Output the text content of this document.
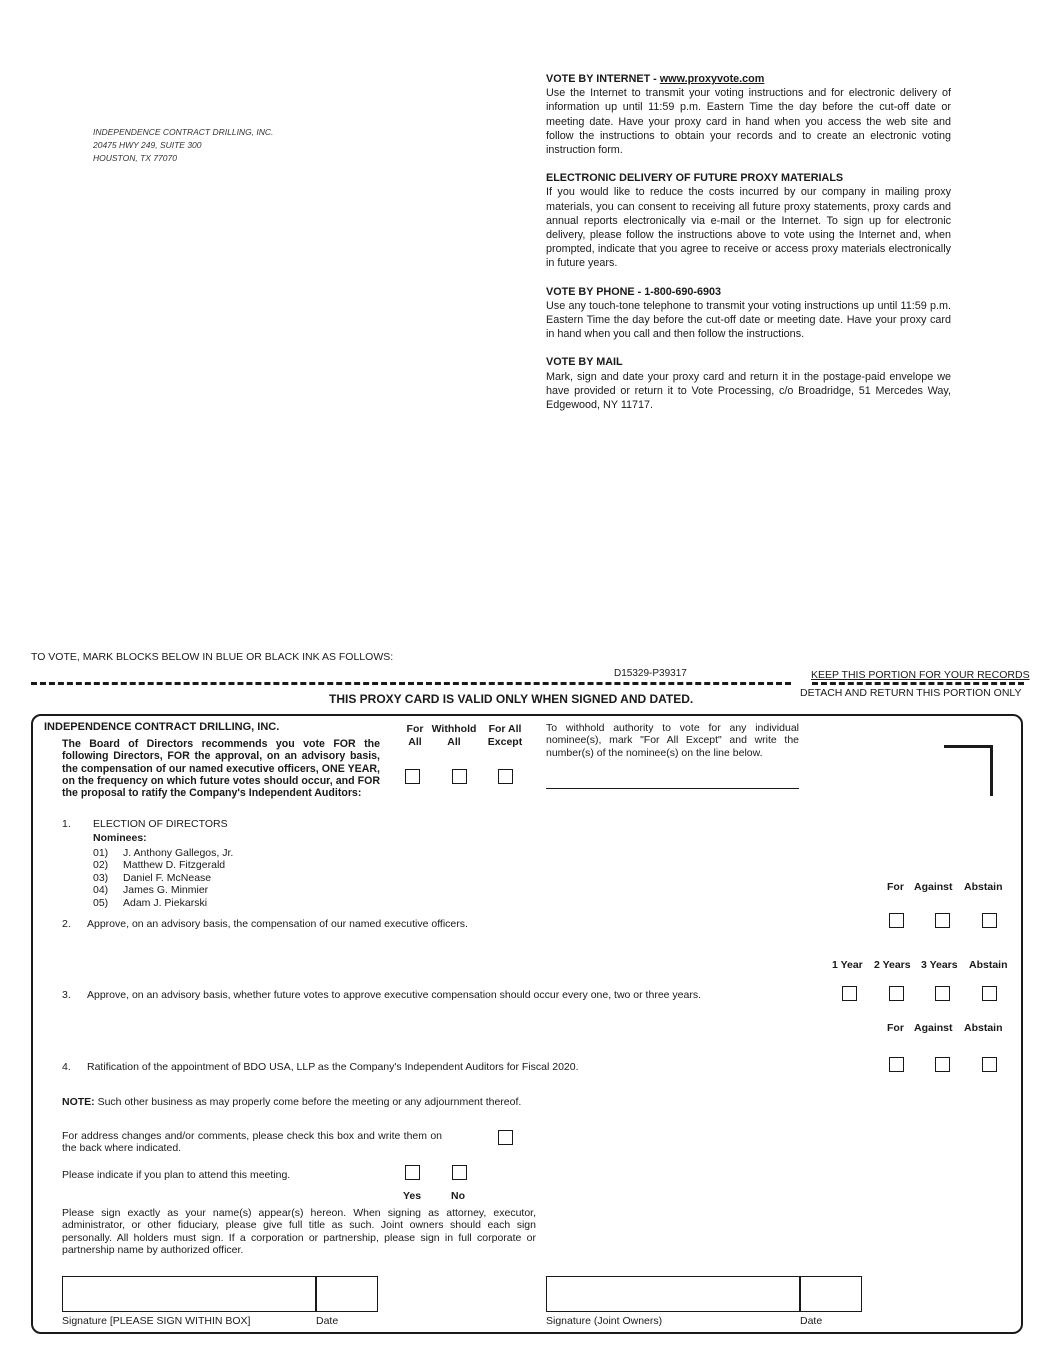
INDEPENDENCE CONTRACT DRILLING, INC.
20475 HWY 249, SUITE 300
HOUSTON, TX 77070
VOTE BY INTERNET - www.proxyvote.com
Use the Internet to transmit your voting instructions and for electronic delivery of information up until 11:59 p.m. Eastern Time the day before the cut-off date or meeting date. Have your proxy card in hand when you access the web site and follow the instructions to obtain your records and to create an electronic voting instruction form.
ELECTRONIC DELIVERY OF FUTURE PROXY MATERIALS
If you would like to reduce the costs incurred by our company in mailing proxy materials, you can consent to receiving all future proxy statements, proxy cards and annual reports electronically via e-mail or the Internet. To sign up for electronic delivery, please follow the instructions above to vote using the Internet and, when prompted, indicate that you agree to receive or access proxy materials electronically in future years.
VOTE BY PHONE - 1-800-690-6903
Use any touch-tone telephone to transmit your voting instructions up until 11:59 p.m. Eastern Time the day before the cut-off date or meeting date. Have your proxy card in hand when you call and then follow the instructions.
VOTE BY MAIL
Mark, sign and date your proxy card and return it in the postage-paid envelope we have provided or return it to Vote Processing, c/o Broadridge, 51 Mercedes Way, Edgewood, NY 11717.
TO VOTE, MARK BLOCKS BELOW IN BLUE OR BLACK INK AS FOLLOWS:
D15329-P39317	KEEP THIS PORTION FOR YOUR RECORDS
DETACH AND RETURN THIS PORTION ONLY
THIS PROXY CARD IS VALID ONLY WHEN SIGNED AND DATED.
INDEPENDENCE CONTRACT DRILLING, INC.
The Board of Directors recommends you vote FOR the following Directors, FOR the approval, on an advisory basis, the compensation of our named executive officers, ONE YEAR, on the frequency on which future votes should occur, and FOR the proposal to ratify the Company's Independent Auditors:
For
All
Withhold
All
For All
Except
To withhold authority to vote for any individual nominee(s), mark "For All Except" and write the number(s) of the nominee(s) on the line below.
1. ELECTION OF DIRECTORS
Nominees:
01) J. Anthony Gallegos, Jr.
02) Matthew D. Fitzgerald
03) Daniel F. McNease
04) James G. Minmier
05) Adam J. Piekarski
For Against Abstain
2. Approve, on an advisory basis, the compensation of our named executive officers.
1 Year 2 Years 3 Years Abstain
3. Approve, on an advisory basis, whether future votes to approve executive compensation should occur every one, two or three years.
For Against Abstain
4. Ratification of the appointment of BDO USA, LLP as the Company's Independent Auditors for Fiscal 2020.
NOTE: Such other business as may properly come before the meeting or any adjournment thereof.
For address changes and/or comments, please check this box and write them on the back where indicated.
Please indicate if you plan to attend this meeting.
Yes	No
Please sign exactly as your name(s) appear(s) hereon. When signing as attorney, executor, administrator, or other fiduciary, please give full title as such. Joint owners should each sign personally. All holders must sign. If a corporation or partnership, please sign in full corporate or partnership name by authorized officer.
Signature [PLEASE SIGN WITHIN BOX]	Date	Signature (Joint Owners)	Date
